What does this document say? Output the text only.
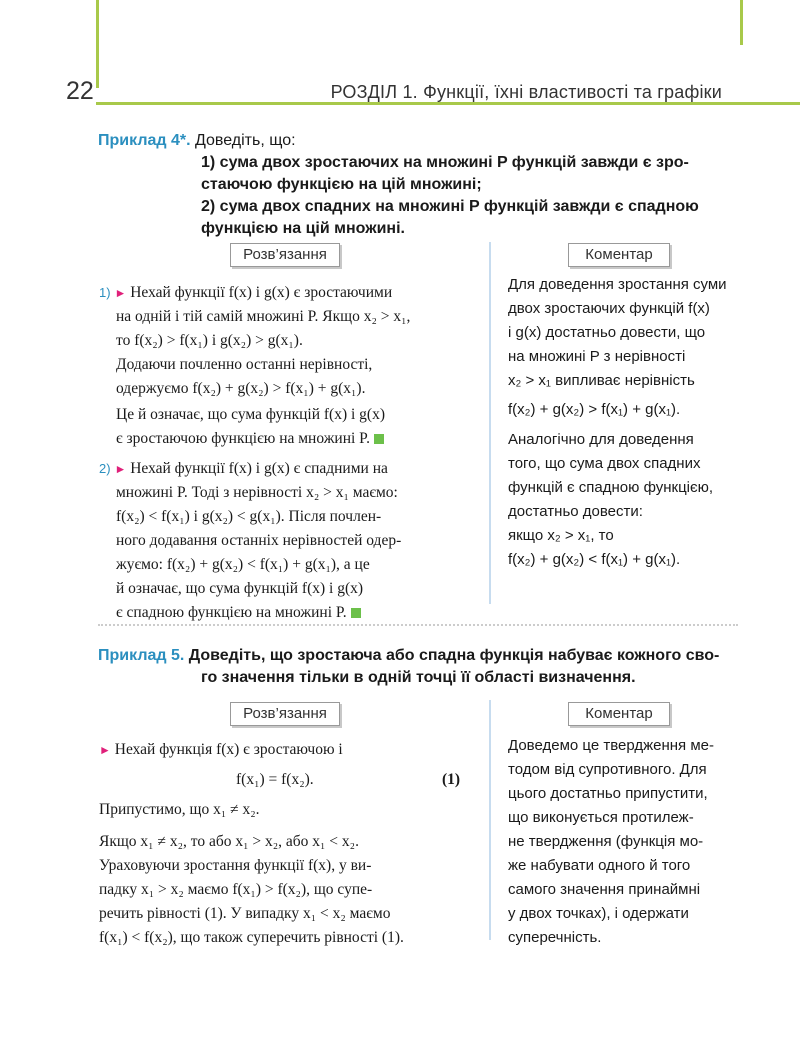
22	РОЗДІЛ 1. Функції, їхні властивості та графіки
Приклад 4*. Доведіть, що:
1) сума двох зростаючих на множині P функцій завжди є зро-
стаючою функцією на цій множині;
2) сума двох спадних на множині P функцій завжди є спадною
функцією на цій множині.
Розв’язання	Коментар
1) ► Нехай функції f(x) і g(x) є зростаючими
на одній і тій самій множині P. Якщо x₂ > x₁,
то f(x₂) > f(x₁) і g(x₂) > g(x₁).
Додаючи почленно останні нерівності,
одержуємо f(x₂) + g(x₂) > f(x₁) + g(x₁).
Це й означає, що сума функцій f(x) і g(x)
є зростаючою функцією на множині P.
2) ► Нехай функції f(x) і g(x) є спадними на
множині P. Тоді з нерівності x₂ > x₁ маємо:
f(x₂) < f(x₁) і g(x₂) < g(x₁). Після почлен-
ного додавання останніх нерівностей одер-
жуємо: f(x₂) + g(x₂) < f(x₁) + g(x₁), а це
й означає, що сума функцій f(x) і g(x)
є спадною функцією на множині P.
Для доведення зростання суми
двох зростаючих функцій f(x)
і g(x) достатньо довести, що
на множині P з нерівності
x₂ > x₁ випливає нерівність
f(x₂) + g(x₂) > f(x₁) + g(x₁).
Аналогічно для доведення
того, що сума двох спадних
функцій є спадною функцією,
достатньо довести:
якщо x₂ > x₁, то
f(x₂) + g(x₂) < f(x₁) + g(x₁).
Приклад 5. Доведіть, що зростаюча або спадна функція набуває кожного сво-
го значення тільки в одній точці її області визначення.
Розв’язання	Коментар
► Нехай функція f(x) є зростаючою і
f(x₁) = f(x₂).	(1)
Припустимо, що x₁ ≠ x₂.
Якщо x₁ ≠ x₂, то або x₁ > x₂, або x₁ < x₂.
Ураховуючи зростання функції f(x), у ви-
падку x₁ > x₂ маємо f(x₁) > f(x₂), що супе-
речить рівності (1). У випадку x₁ < x₂ маємо
f(x₁) < f(x₂), що також суперечить рівності (1).
Доведемо це твердження ме-
тодом від супротивного. Для
цього достатньо припустити,
що виконується протилеж-
не твердження (функція мо-
же набувати одного й того
самого значення принаймні
у двох точках), і одержати
суперечність.
